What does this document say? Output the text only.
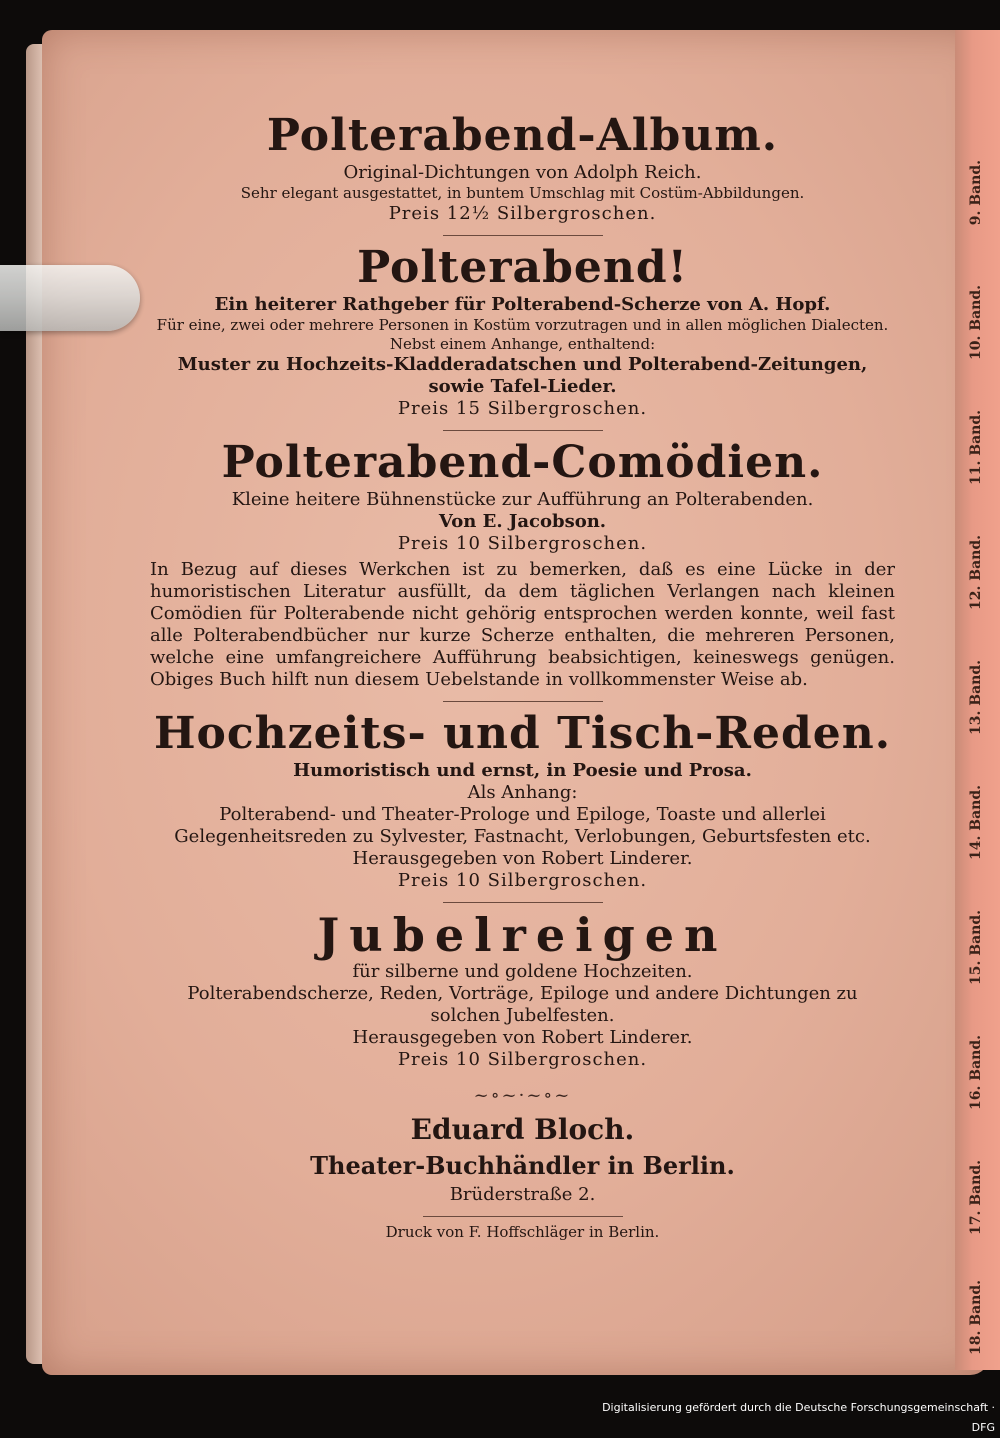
9. Band.
10. Band.
11. Band.
12. Band.
13. Band.
14. Band.
15. Band.
16. Band.
17. Band.
18. Band.
Polterabend-Album.

Original-Dichtungen von Adolph Reich.

Sehr elegant ausgestattet, in buntem Umschlag mit Costüm-Abbildungen.

Preis 12½ Silbergroschen.

Polterabend!

Ein heiterer Rathgeber für Polterabend-Scherze von A. Hopf.

Für eine, zwei oder mehrere Personen in Kostüm vorzutragen und in allen möglichen Dialecten. Nebst einem Anhange, enthaltend:

Muster zu Hochzeits-Kladderadatschen und Polterabend-Zeitungen, sowie Tafel-Lieder.

Preis 15 Silbergroschen.

Polterabend-Comödien.

Kleine heitere Bühnenstücke zur Aufführung an Polterabenden.

Von E. Jacobson.

Preis 10 Silbergroschen.

In Bezug auf dieses Werkchen ist zu bemerken, daß es eine Lücke in der humoristischen Literatur ausfüllt, da dem täglichen Verlangen nach kleinen Comödien für Polterabende nicht gehörig entsprochen werden konnte, weil fast alle Polterabendbücher nur kurze Scherze enthalten, die mehreren Personen, welche eine umfangreichere Aufführung beabsichtigen, keineswegs genügen. Obiges Buch hilft nun diesem Uebelstande in vollkommenster Weise ab.

Hochzeits- und Tisch-Reden.

Humoristisch und ernst, in Poesie und Prosa.

Als Anhang:

Polterabend- und Theater-Prologe und Epiloge, Toaste und allerlei Gelegenheitsreden zu Sylvester, Fastnacht, Verlobungen, Geburtsfesten etc.

Herausgegeben von Robert Linderer.

Preis 10 Silbergroschen.

Jubelreigen

für silberne und goldene Hochzeiten.

Polterabendscherze, Reden, Vorträge, Epiloge und andere Dichtungen zu solchen Jubelfesten.

Herausgegeben von Robert Linderer.

Preis 10 Silbergroschen.

~∘~·~∘~

Eduard Bloch.

Theater-Buchhändler in Berlin.

Brüderstraße 2.

Druck von F. Hoffschläger in Berlin.

Digitalisierung gefördert durch die Deutsche Forschungsgemeinschaft · DFG
